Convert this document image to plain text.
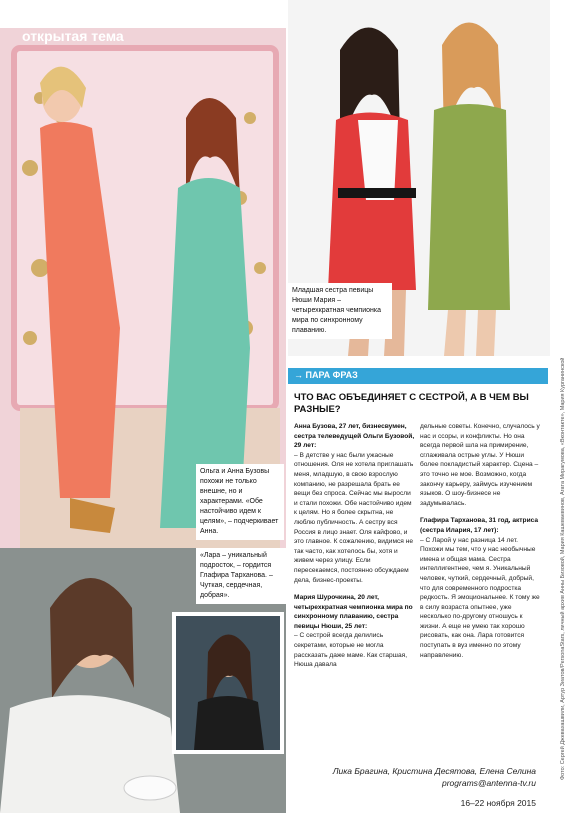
открытая тема
Младшая сестра певицы Нюши Мария – четырехкратная чемпионка мира по синхронному плаванию.
Ольга и Анна Бузовы похожи не только внешне, но и характерами. «Обе настойчиво идем к целям», – подчеркивает Анна.
«Лара – уникальный подросток, – гордится Глафира Тарханова. – Чуткая, сердечная, добрая».
→ ПАРА ФРАЗ
ЧТО ВАС ОБЪЕДИНЯЕТ С СЕСТРОЙ, А В ЧЕМ ВЫ РАЗНЫЕ?

Анна Бузова, 27 лет, бизнесвумен, сестра телеведущей Ольги Бузовой, 29 лет:

– В детстве у нас были ужасные отношения. Оля не хотела приглашать меня, младшую, в свою взрослую компанию, не разрешала брать ее вещи без спроса. Сейчас мы выросли и стали похожи. Обе настойчиво идем к целям. Но я более скрытна, не люблю публичность. А сестру вся Россия в лицо знает. Оля кайфово, и это главное. К сожалению, видимся не так часто, как хотелось бы, хотя и живем через улицу. Если пересекаемся, постоянно обсуждаем дела, бизнес-проекты.

Мария Шурочкина, 20 лет, четырехкратная чемпионка мира по синхронному плаванию, сестра певицы Нюши, 25 лет:

– С сестрой всегда делились секретами, которые не могла рассказать даже маме. Как старшая, Нюша давала

дельные советы. Конечно, случалось у нас и ссоры, и конфликты. Но она всегда первой шла на примирение, сглаживала острые углы. У Нюши более покладистый характер. Сцена – это точно не мое. Возможно, когда закончу карьеру, займусь изучением языков. О шоу-бизнесе не задумывалась.

Глафира Тарханова, 31 год, актриса (сестра Илария, 17 лет):

– С Ларой у нас разница 14 лет. Похожи мы тем, что у нас необычные имена и общая мама. Сестра интеллигентнее, чем я. Уникальный человек, чуткий, сердечный, добрый, что для современного подростка редкость. Я эмоциональнее. К тому же в силу возраста опытнее, уже несколько по-другому отношусь к жизни. А еще не умею так хорошо рисовать, как она. Лара готовится поступать в вуз именно по этому направлению.

Лика Брагина, Кристина Десятова, Елена Селина
programs@antenna-tv.ru
16–22 ноября 2015
Фото: Сергей Джевахашвили, Артур Зиатов/PersonaStars, личный архив Анны Бизовой, Мария Кашеваевинов, Агата Мирагумова, «Вконтакте», Мария Курганинской
